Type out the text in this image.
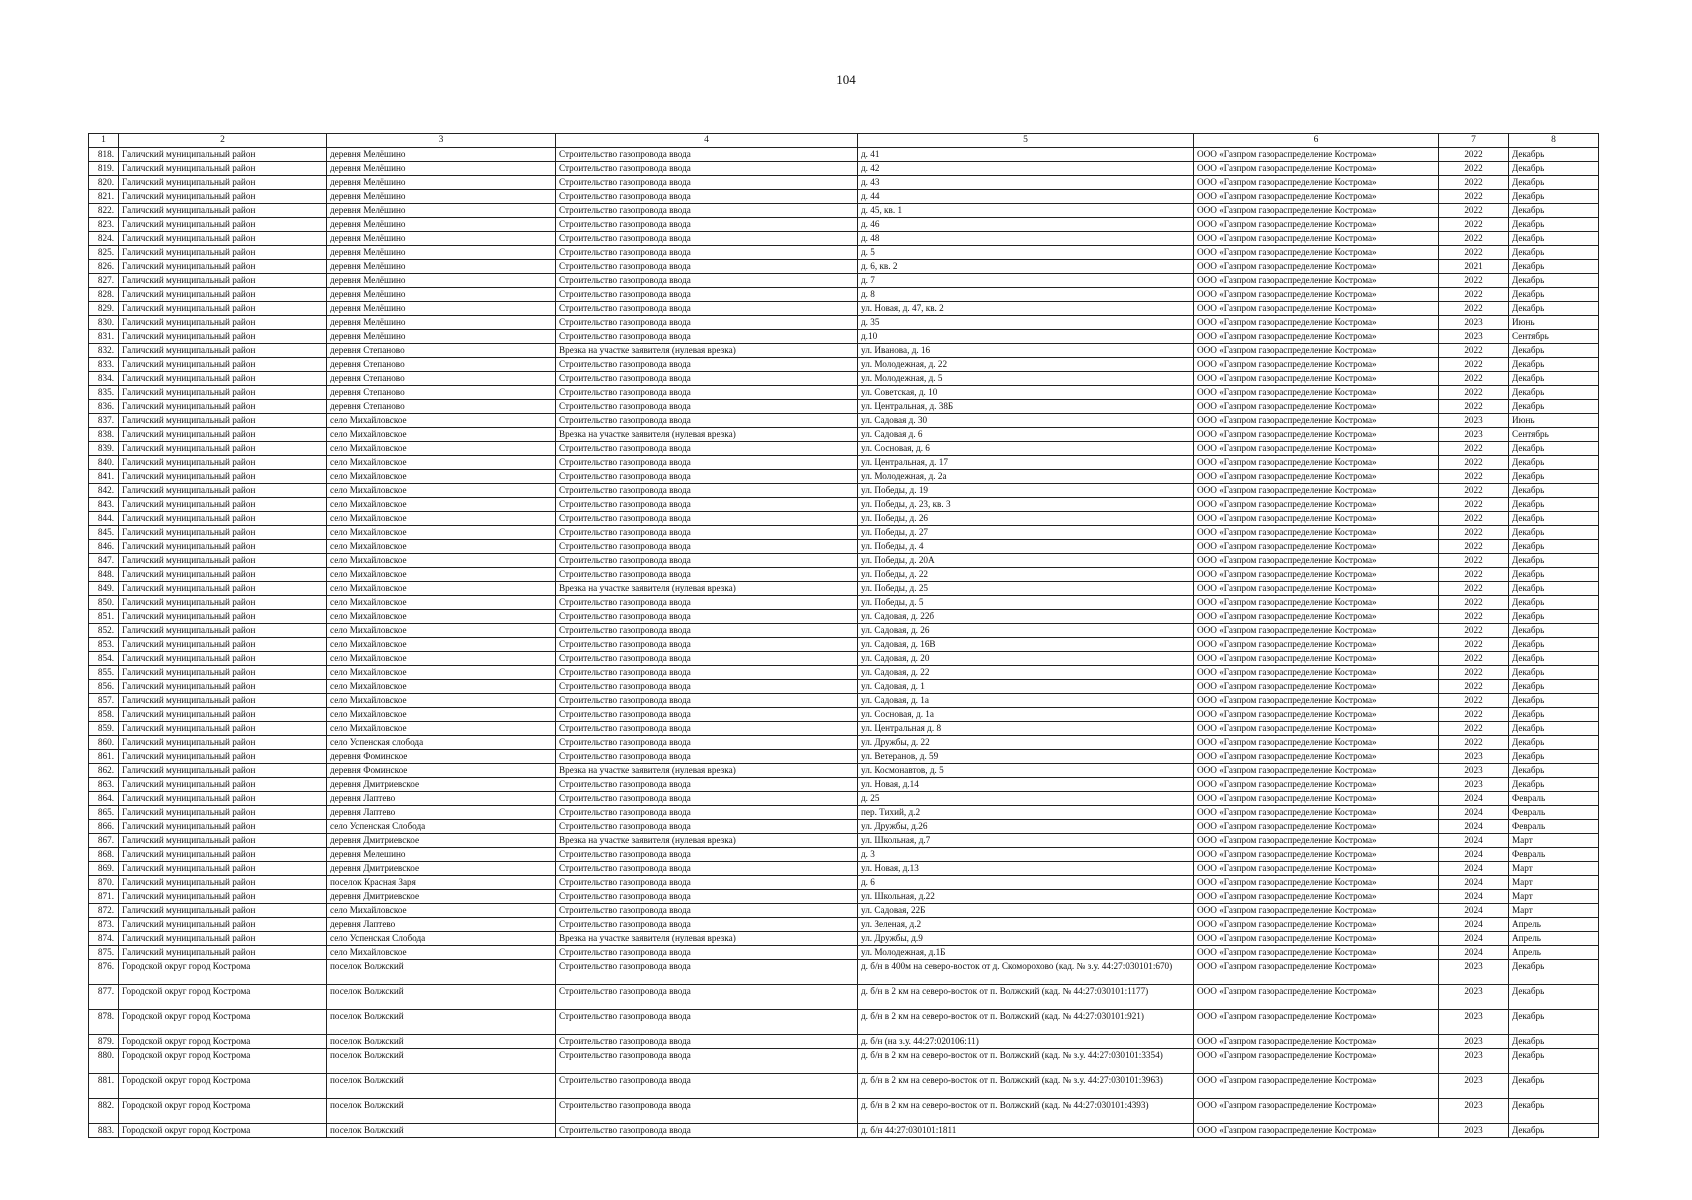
104
1	2	3	4	5	6	7	8
818.	Галичский муниципальный район	деревня Мелёшино	Строительство газопровода ввода	д. 41	ООО «Газпром газораспределение Кострома»	2022	Декабрь
819.	Галичский муниципальный район	деревня Мелёшино	Строительство газопровода ввода	д. 42	ООО «Газпром газораспределение Кострома»	2022	Декабрь
820.	Галичский муниципальный район	деревня Мелёшино	Строительство газопровода ввода	д. 43	ООО «Газпром газораспределение Кострома»	2022	Декабрь
821.	Галичский муниципальный район	деревня Мелёшино	Строительство газопровода ввода	д. 44	ООО «Газпром газораспределение Кострома»	2022	Декабрь
822.	Галичский муниципальный район	деревня Мелёшино	Строительство газопровода ввода	д. 45, кв. 1	ООО «Газпром газораспределение Кострома»	2022	Декабрь
823.	Галичский муниципальный район	деревня Мелёшино	Строительство газопровода ввода	д. 46	ООО «Газпром газораспределение Кострома»	2022	Декабрь
824.	Галичский муниципальный район	деревня Мелёшино	Строительство газопровода ввода	д. 48	ООО «Газпром газораспределение Кострома»	2022	Декабрь
825.	Галичский муниципальный район	деревня Мелёшино	Строительство газопровода ввода	д. 5	ООО «Газпром газораспределение Кострома»	2022	Декабрь
826.	Галичский муниципальный район	деревня Мелёшино	Строительство газопровода ввода	д. 6, кв. 2	ООО «Газпром газораспределение Кострома»	2021	Декабрь
827.	Галичский муниципальный район	деревня Мелёшино	Строительство газопровода ввода	д. 7	ООО «Газпром газораспределение Кострома»	2022	Декабрь
828.	Галичский муниципальный район	деревня Мелёшино	Строительство газопровода ввода	д. 8	ООО «Газпром газораспределение Кострома»	2022	Декабрь
829.	Галичский муниципальный район	деревня Мелёшино	Строительство газопровода ввода	ул. Новая, д. 47, кв. 2	ООО «Газпром газораспределение Кострома»	2022	Декабрь
830.	Галичский муниципальный район	деревня Мелёшино	Строительство газопровода ввода	д. 35	ООО «Газпром газораспределение Кострома»	2023	Июнь
831.	Галичский муниципальный район	деревня Мелёшино	Строительство газопровода ввода	д.10	ООО «Газпром газораспределение Кострома»	2023	Сентябрь
832.	Галичский муниципальный район	деревня Степаново	Врезка на участке заявителя (нулевая врезка)	ул. Иванова, д. 16	ООО «Газпром газораспределение Кострома»	2022	Декабрь
833.	Галичский муниципальный район	деревня Степаново	Строительство газопровода ввода	ул. Молодежная, д. 22	ООО «Газпром газораспределение Кострома»	2022	Декабрь
834.	Галичский муниципальный район	деревня Степаново	Строительство газопровода ввода	ул. Молодежная, д. 5	ООО «Газпром газораспределение Кострома»	2022	Декабрь
835.	Галичский муниципальный район	деревня Степаново	Строительство газопровода ввода	ул. Советская, д. 10	ООО «Газпром газораспределение Кострома»	2022	Декабрь
836.	Галичский муниципальный район	деревня Степаново	Строительство газопровода ввода	ул. Центральная, д. 38Б	ООО «Газпром газораспределение Кострома»	2022	Декабрь
837.	Галичский муниципальный район	село Михайловское	Строительство газопровода ввода	ул. Садовая д. 30	ООО «Газпром газораспределение Кострома»	2023	Июнь
838.	Галичский муниципальный район	село Михайловское	Врезка на участке заявителя (нулевая врезка)	ул. Садовая д. 6	ООО «Газпром газораспределение Кострома»	2023	Сентябрь
839.	Галичский муниципальный район	село Михайловское	Строительство газопровода ввода	ул. Сосновая, д. 6	ООО «Газпром газораспределение Кострома»	2022	Декабрь
840.	Галичский муниципальный район	село Михайловское	Строительство газопровода ввода	ул. Центральная, д. 17	ООО «Газпром газораспределение Кострома»	2022	Декабрь
841.	Галичский муниципальный район	село Михайловское	Строительство газопровода ввода	ул. Молодежная, д. 2а	ООО «Газпром газораспределение Кострома»	2022	Декабрь
842.	Галичский муниципальный район	село Михайловское	Строительство газопровода ввода	ул. Победы, д. 19	ООО «Газпром газораспределение Кострома»	2022	Декабрь
843.	Галичский муниципальный район	село Михайловское	Строительство газопровода ввода	ул. Победы, д. 23, кв. 3	ООО «Газпром газораспределение Кострома»	2022	Декабрь
844.	Галичский муниципальный район	село Михайловское	Строительство газопровода ввода	ул. Победы, д. 26	ООО «Газпром газораспределение Кострома»	2022	Декабрь
845.	Галичский муниципальный район	село Михайловское	Строительство газопровода ввода	ул. Победы, д. 27	ООО «Газпром газораспределение Кострома»	2022	Декабрь
846.	Галичский муниципальный район	село Михайловское	Строительство газопровода ввода	ул. Победы, д. 4	ООО «Газпром газораспределение Кострома»	2022	Декабрь
847.	Галичский муниципальный район	село Михайловское	Строительство газопровода ввода	ул. Победы, д. 20А	ООО «Газпром газораспределение Кострома»	2022	Декабрь
848.	Галичский муниципальный район	село Михайловское	Строительство газопровода ввода	ул. Победы, д. 22	ООО «Газпром газораспределение Кострома»	2022	Декабрь
849.	Галичский муниципальный район	село Михайловское	Врезка на участке заявителя (нулевая врезка)	ул. Победы, д. 25	ООО «Газпром газораспределение Кострома»	2022	Декабрь
850.	Галичский муниципальный район	село Михайловское	Строительство газопровода ввода	ул. Победы, д. 5	ООО «Газпром газораспределение Кострома»	2022	Декабрь
851.	Галичский муниципальный район	село Михайловское	Строительство газопровода ввода	ул. Садовая, д. 22б	ООО «Газпром газораспределение Кострома»	2022	Декабрь
852.	Галичский муниципальный район	село Михайловское	Строительство газопровода ввода	ул. Садовая, д. 26	ООО «Газпром газораспределение Кострома»	2022	Декабрь
853.	Галичский муниципальный район	село Михайловское	Строительство газопровода ввода	ул. Садовая, д. 16В	ООО «Газпром газораспределение Кострома»	2022	Декабрь
854.	Галичский муниципальный район	село Михайловское	Строительство газопровода ввода	ул. Садовая, д. 20	ООО «Газпром газораспределение Кострома»	2022	Декабрь
855.	Галичский муниципальный район	село Михайловское	Строительство газопровода ввода	ул. Садовая, д. 22	ООО «Газпром газораспределение Кострома»	2022	Декабрь
856.	Галичский муниципальный район	село Михайловское	Строительство газопровода ввода	ул. Садовая, д. 1	ООО «Газпром газораспределение Кострома»	2022	Декабрь
857.	Галичский муниципальный район	село Михайловское	Строительство газопровода ввода	ул. Садовая, д. 1а	ООО «Газпром газораспределение Кострома»	2022	Декабрь
858.	Галичский муниципальный район	село Михайловское	Строительство газопровода ввода	ул. Сосновая, д. 1а	ООО «Газпром газораспределение Кострома»	2022	Декабрь
859.	Галичский муниципальный район	село Михайловское	Строительство газопровода ввода	ул. Центральная д. 8	ООО «Газпром газораспределение Кострома»	2022	Декабрь
860.	Галичский муниципальный район	село Успенская слобода	Строительство газопровода ввода	ул. Дружбы, д. 22	ООО «Газпром газораспределение Кострома»	2022	Декабрь
861.	Галичский муниципальный район	деревня Фоминское	Строительство газопровода ввода	ул. Ветеранов, д. 59	ООО «Газпром газораспределение Кострома»	2023	Декабрь
862.	Галичский муниципальный район	деревня Фоминское	Врезка на участке заявителя (нулевая врезка)	ул. Космонавтов, д. 5	ООО «Газпром газораспределение Кострома»	2023	Декабрь
863.	Галичский муниципальный район	деревня Дмитриевское	Строительство газопровода ввода	ул. Новая, д.14	ООО «Газпром газораспределение Кострома»	2023	Декабрь
864.	Галичский муниципальный район	деревня Лаптево	Строительство газопровода ввода	д. 25	ООО «Газпром газораспределение Кострома»	2024	Февраль
865.	Галичский муниципальный район	деревня Лаптево	Строительство газопровода ввода	пер. Тихий, д.2	ООО «Газпром газораспределение Кострома»	2024	Февраль
866.	Галичский муниципальный район	село Успенская Слобода	Строительство газопровода ввода	ул. Дружбы, д.26	ООО «Газпром газораспределение Кострома»	2024	Февраль
867.	Галичский муниципальный район	деревня Дмитриевское	Врезка на участке заявителя (нулевая врезка)	ул. Школьная, д.7	ООО «Газпром газораспределение Кострома»	2024	Март
868.	Галичский муниципальный район	деревня Мелешино	Строительство газопровода ввода	д. 3	ООО «Газпром газораспределение Кострома»	2024	Февраль
869.	Галичский муниципальный район	деревня Дмитриевское	Строительство газопровода ввода	ул. Новая, д.13	ООО «Газпром газораспределение Кострома»	2024	Март
870.	Галичский муниципальный район	поселок Красная Заря	Строительство газопровода ввода	д. 6	ООО «Газпром газораспределение Кострома»	2024	Март
871.	Галичский муниципальный район	деревня Дмитриевское	Строительство газопровода ввода	ул. Школьная, д.22	ООО «Газпром газораспределение Кострома»	2024	Март
872.	Галичский муниципальный район	село Михайловское	Строительство газопровода ввода	ул. Садовая, 22Б	ООО «Газпром газораспределение Кострома»	2024	Март
873.	Галичский муниципальный район	деревня Лаптево	Строительство газопровода ввода	ул. Зеленая, д.2	ООО «Газпром газораспределение Кострома»	2024	Апрель
874.	Галичский муниципальный район	село Успенская Слобода	Врезка на участке заявителя (нулевая врезка)	ул. Дружбы, д.9	ООО «Газпром газораспределение Кострома»	2024	Апрель
875.	Галичский муниципальный район	село Михайловское	Строительство газопровода ввода	ул. Молодежная, д.1Б	ООО «Газпром газораспределение Кострома»	2024	Апрель
876.	Городской округ город Кострома	поселок Волжский	Строительство газопровода ввода	д. б/н в 400м на северо-восток от д. Скоморохово (кад. № з.у. 44:27:030101:670)	ООО «Газпром газораспределение Кострома»	2023	Декабрь
877.	Городской округ город Кострома	поселок Волжский	Строительство газопровода ввода	д. б/н в 2 км на северо-восток от п. Волжский (кад. № 44:27:030101:1177)	ООО «Газпром газораспределение Кострома»	2023	Декабрь
878.	Городской округ город Кострома	поселок Волжский	Строительство газопровода ввода	д. б/н в 2 км на северо-восток от п. Волжский (кад. № 44:27:030101:921)	ООО «Газпром газораспределение Кострома»	2023	Декабрь
879.	Городской округ город Кострома	поселок Волжский	Строительство газопровода ввода	д. б/н (на з.у. 44:27:020106:11)	ООО «Газпром газораспределение Кострома»	2023	Декабрь
880.	Городской округ город Кострома	поселок Волжский	Строительство газопровода ввода	д. б/н в 2 км на северо-восток от п. Волжский (кад. № з.у. 44:27:030101:3354)	ООО «Газпром газораспределение Кострома»	2023	Декабрь
881.	Городской округ город Кострома	поселок Волжский	Строительство газопровода ввода	д. б/н в 2 км на северо-восток от п. Волжский (кад. № з.у. 44:27:030101:3963)	ООО «Газпром газораспределение Кострома»	2023	Декабрь
882.	Городской округ город Кострома	поселок Волжский	Строительство газопровода ввода	д. б/н в 2 км на северо-восток от п. Волжский (кад. № 44:27:030101:4393)	ООО «Газпром газораспределение Кострома»	2023	Декабрь
883.	Городской округ город Кострома	поселок Волжский	Строительство газопровода ввода	д. б/н 44:27:030101:1811	ООО «Газпром газораспределение Кострома»	2023	Декабрь
